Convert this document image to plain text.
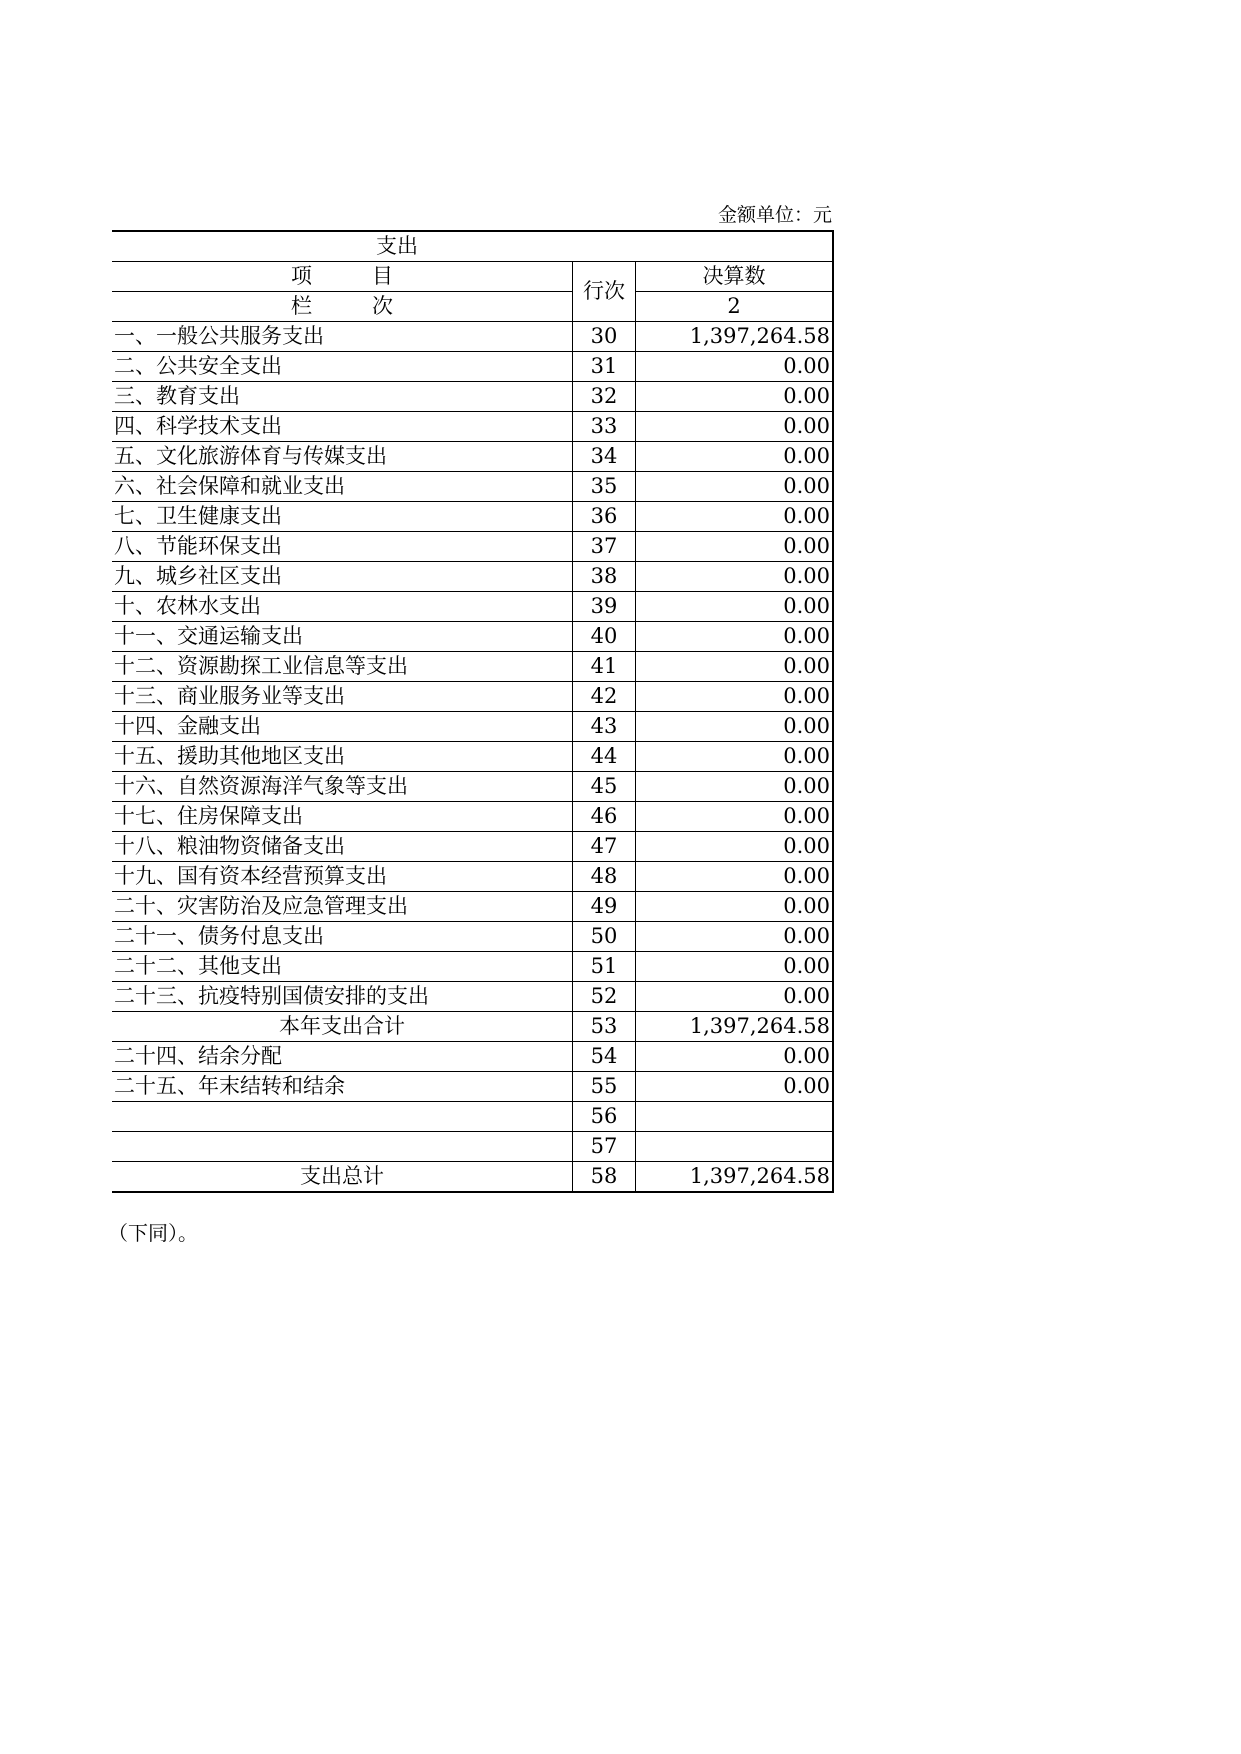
金额单位：元
支出		
项 目	行次	决算数
栏 次		2
一、一般公共服务支出	30	1,397,264.58
二、公共安全支出	31	0.00
三、教育支出	32	0.00
四、科学技术支出	33	0.00
五、文化旅游体育与传媒支出	34	0.00
六、社会保障和就业支出	35	0.00
七、卫生健康支出	36	0.00
八、节能环保支出	37	0.00
九、城乡社区支出	38	0.00
十、农林水支出	39	0.00
十一、交通运输支出	40	0.00
十二、资源勘探工业信息等支出	41	0.00
十三、商业服务业等支出	42	0.00
十四、金融支出	43	0.00
十五、援助其他地区支出	44	0.00
十六、自然资源海洋气象等支出	45	0.00
十七、住房保障支出	46	0.00
十八、粮油物资储备支出	47	0.00
十九、国有资本经营预算支出	48	0.00
二十、灾害防治及应急管理支出	49	0.00
二十一、债务付息支出	50	0.00
二十二、其他支出	51	0.00
二十三、抗疫特别国债安排的支出	52	0.00
本年支出合计	53	1,397,264.58
二十四、结余分配	54	0.00
二十五、年末结转和结余	55	0.00
	56	
	57	
支出总计	58	1,397,264.58
（下同）。
